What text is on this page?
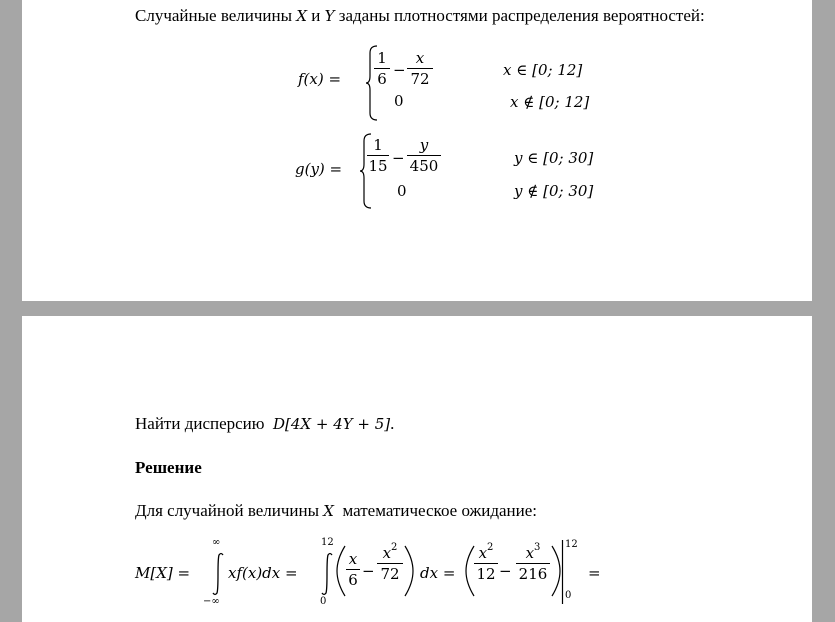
Случайные величины X и Y заданы плотностями распределения вероятностей:
f(x) =
1
6 −
x
72
0
x ∈ [0; 12]
x ∉ [0; 12]
g(y) =
1
15 −
y
450
0
y ∈ [0; 30]
y ∉ [0; 30]
Найти дисперсию D[4X + 4Y + 5].
Решение
Для случайной величины X математическое ожидание:
M[X] =
∞
−∞
xf(x)dx =
12
0
x
6 −
$x^2$
72 dx =
$x^2$
12 −
$x^3$
216
12
0
=
